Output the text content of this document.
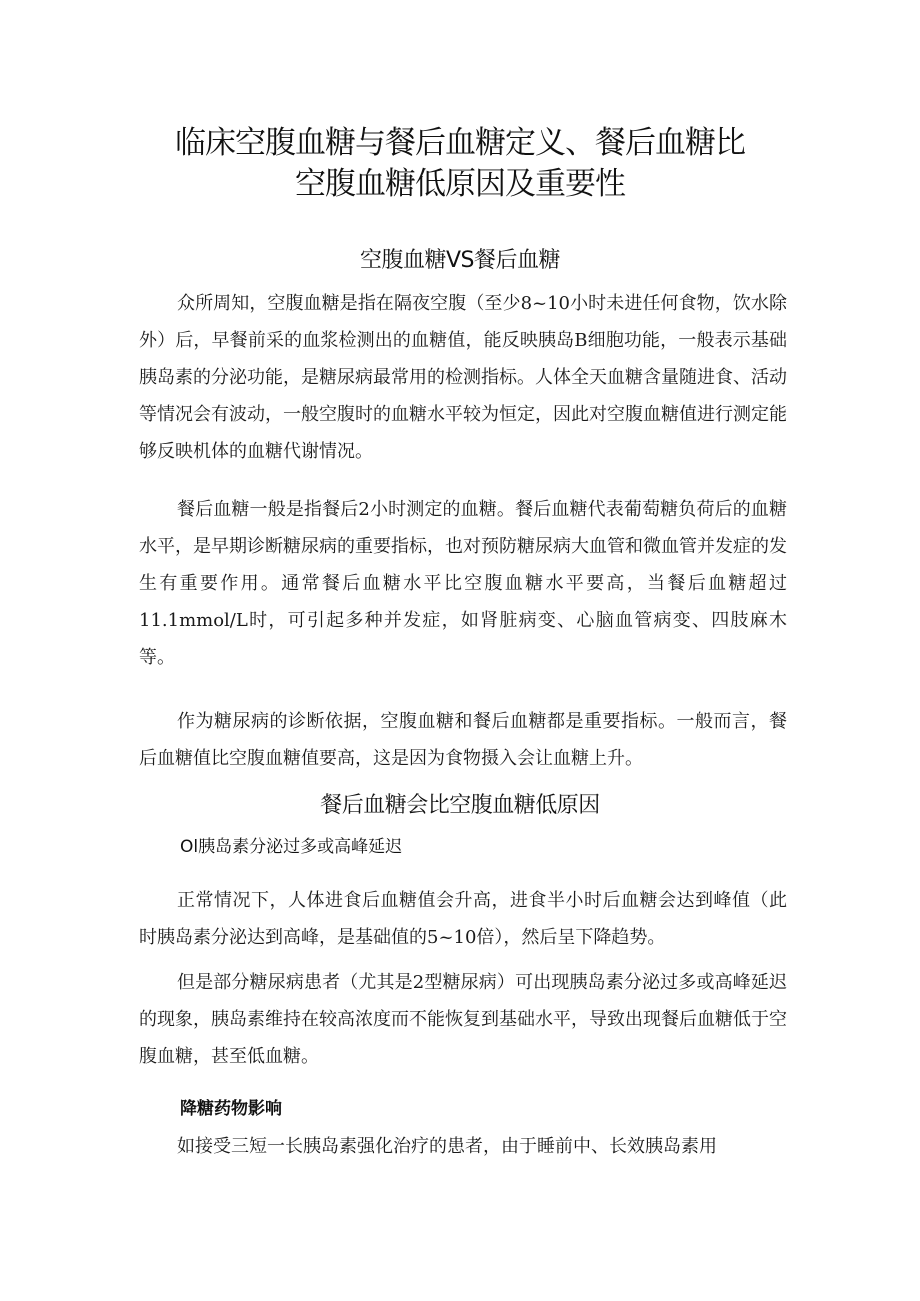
临床空腹血糖与餐后血糖定义、餐后血糖比
空腹血糖低原因及重要性
空腹血糖VS餐后血糖

众所周知，空腹血糖是指在隔夜空腹（至少8~10小时未进任何食物，饮水除外）后，早餐前采的血浆检测出的血糖值，能反映胰岛B细胞功能，一般表示基础胰岛素的分泌功能，是糖尿病最常用的检测指标。人体全天血糖含量随进食、活动等情况会有波动，一般空腹时的血糖水平较为恒定，因此对空腹血糖值进行测定能够反映机体的血糖代谢情况。

餐后血糖一般是指餐后2小时测定的血糖。餐后血糖代表葡萄糖负荷后的血糖水平，是早期诊断糖尿病的重要指标，也对预防糖尿病大血管和微血管并发症的发生有重要作用。通常餐后血糖水平比空腹血糖水平要高，当餐后血糖超过11.1mmol/L时，可引起多种并发症，如肾脏病变、心脑血管病变、四肢麻木等。

作为糖尿病的诊断依据，空腹血糖和餐后血糖都是重要指标。一般而言，餐后血糖值比空腹血糖值要高，这是因为食物摄入会让血糖上升。

餐后血糖会比空腹血糖低原因
Ol胰岛素分泌过多或高峰延迟

正常情况下，人体进食后血糖值会升高，进食半小时后血糖会达到峰值（此时胰岛素分泌达到高峰，是基础值的5~10倍），然后呈下降趋势。

但是部分糖尿病患者（尤其是2型糖尿病）可出现胰岛素分泌过多或高峰延迟的现象，胰岛素维持在较高浓度而不能恢复到基础水平，导致出现餐后血糖低于空腹血糖，甚至低血糖。

降糖药物影响

如接受三短一长胰岛素强化治疗的患者，由于睡前中、长效胰岛素用
